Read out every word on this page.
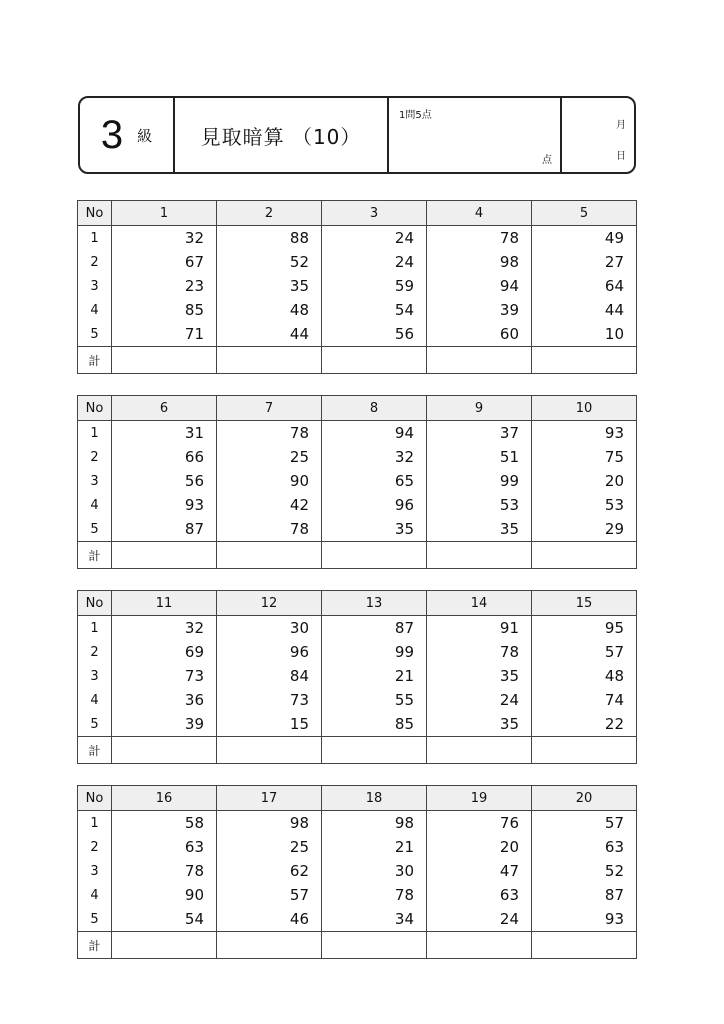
3 級	見取暗算 （10）
1問5点
点
月
日
No	1	2	3	4	5
1	32	88	24	78	49
2	67	52	24	98	27
3	23	35	59	94	64
4	85	48	54	39	44
5	71	44	56	60	10
計					
No	6	7	8	9	10
1	31	78	94	37	93
2	66	25	32	51	75
3	56	90	65	99	20
4	93	42	96	53	53
5	87	78	35	35	29
計					
No	11	12	13	14	15
1	32	30	87	91	95
2	69	96	99	78	57
3	73	84	21	35	48
4	36	73	55	24	74
5	39	15	85	35	22
計					
No	16	17	18	19	20
1	58	98	98	76	57
2	63	25	21	20	63
3	78	62	30	47	52
4	90	57	78	63	87
5	54	46	34	24	93
計					
